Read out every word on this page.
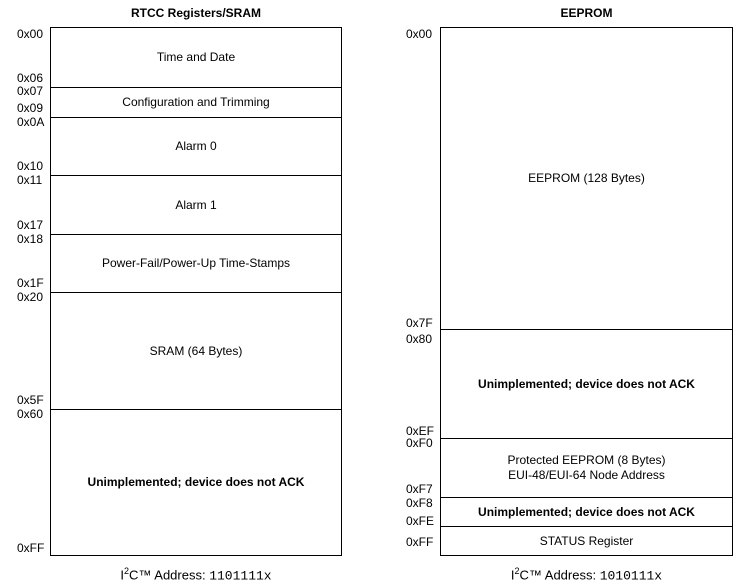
RTCC Registers/SRAM
Time and Date
Configuration and Trimming
Alarm 0
Alarm 1
Power-Fail/Power-Up Time-Stamps
SRAM (64 Bytes)
Unimplemented; device does not ACK
0x00
0x06
0x07
0x09
0x0A
0x10
0x11
0x17
0x18
0x1F
0x20
0x5F
0x60
0xFF
$I^2C™$ Address: 1101111x
EEPROM
EEPROM (128 Bytes)
Unimplemented; device does not ACK
Protected EEPROM (8 Bytes)
EUI-48/EUI-64 Node Address
Unimplemented; device does not ACK
STATUS Register
0x00
0x7F
0x80
0xEF
0xF0
0xF7
0xF8
0xFE
0xFF
$I^2C™$ Address: 1010111x
